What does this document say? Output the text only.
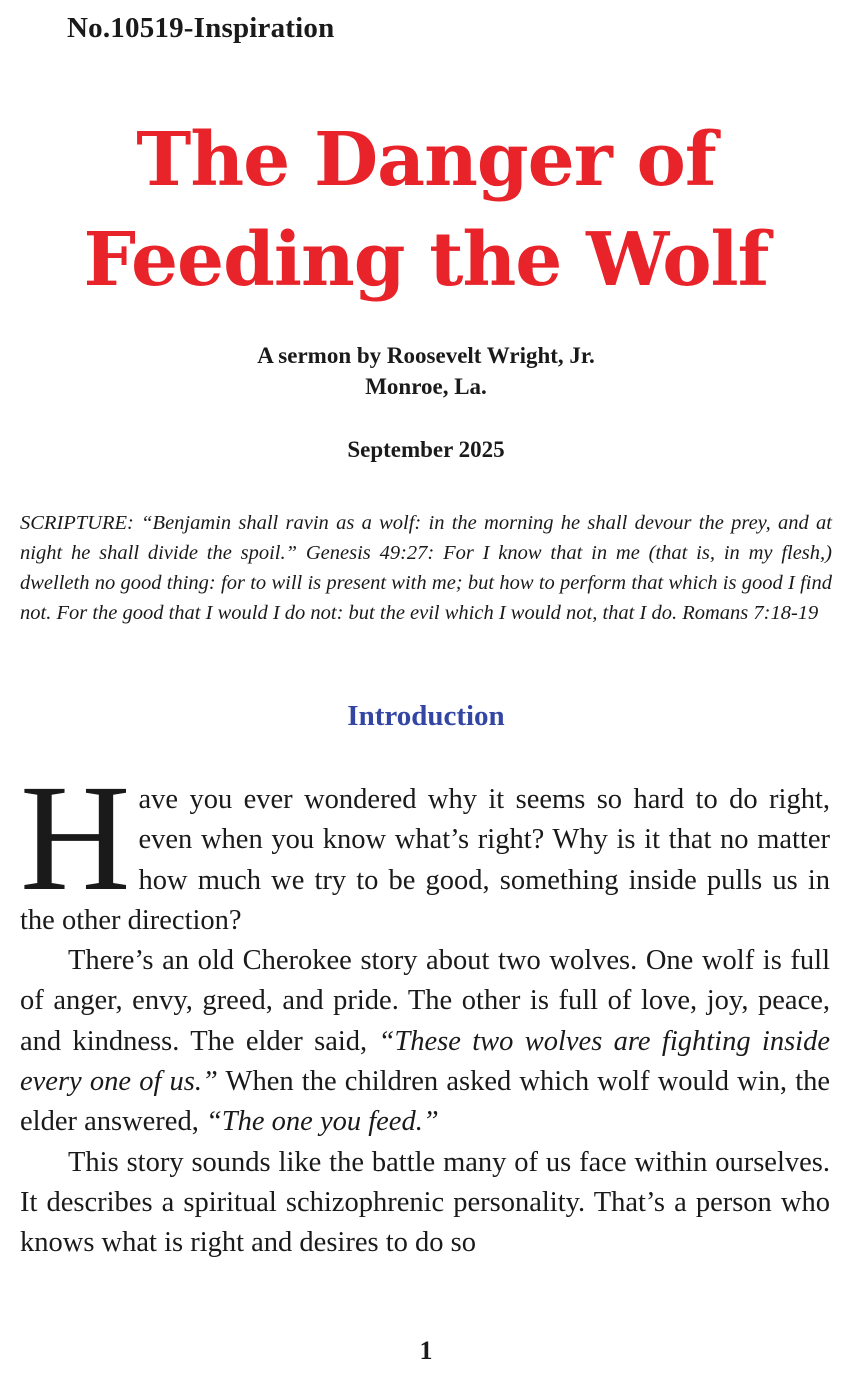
No.10519-Inspiration
The Danger of
Feeding the Wolf
A sermon by Roosevelt Wright, Jr.
Monroe, La.
September 2025
SCRIPTURE: “Benjamin shall ravin as a wolf: in the morning he shall devour the prey, and at night he shall divide the spoil.” Genesis 49:27: For I know that in me (that is, in my flesh,) dwelleth no good thing: for to will is present with me; but how to perform that which is good I find not. For the good that I would I do not: but the evil which I would not, that I do. Romans 7:18-19
Introduction

Have you ever wondered why it seems so hard to do right, even when you know what’s right? Why is it that no matter how much we try to be good, something inside pulls us in the other direction?

There’s an old Cherokee story about two wolves. One wolf is full of anger, envy, greed, and pride. The other is full of love, joy, peace, and kindness. The elder said, “These two wolves are fighting inside every one of us.” When the children asked which wolf would win, the elder answered, “The one you feed.”

This story sounds like the battle many of us face within ourselves. It describes a spiritual schizophrenic personality. That’s a person who knows what is right and desires to do so

1
